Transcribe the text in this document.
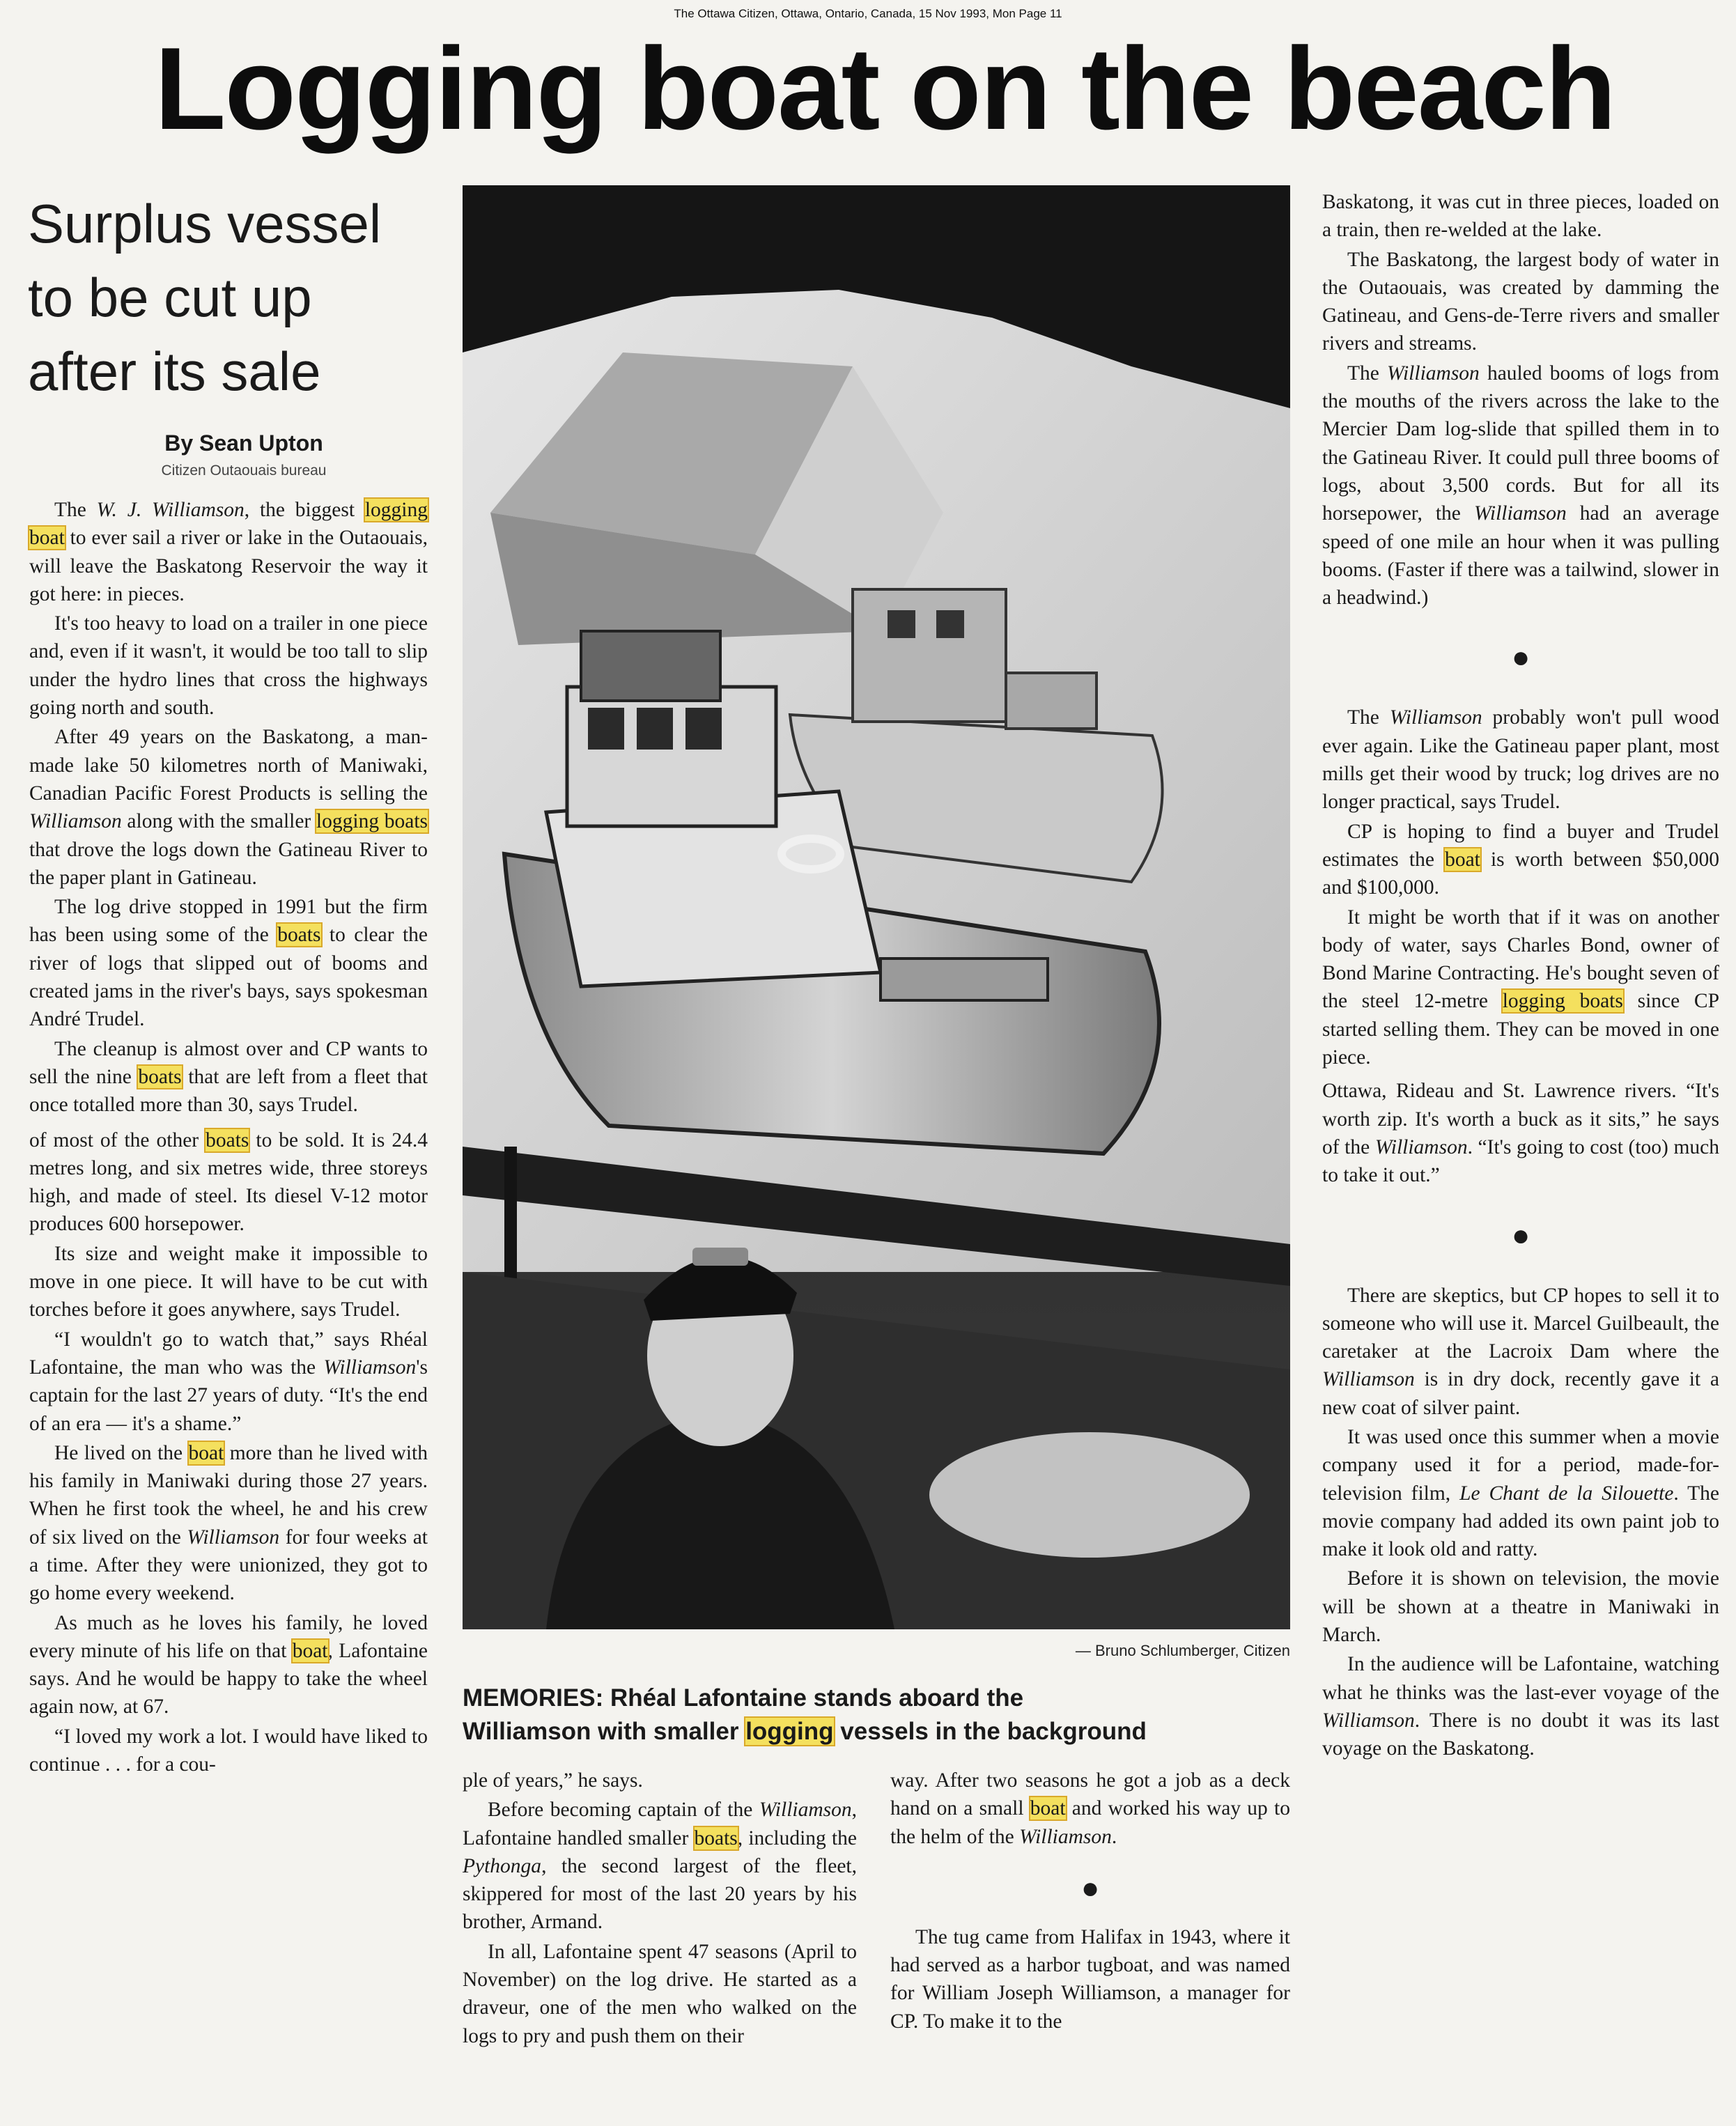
The Ottawa Citizen, Ottawa, Ontario, Canada, 15 Nov 1993, Mon Page 11
Logging boat on the beach
Surplus vessel
to be cut up
after its sale
By Sean Upton
Citizen Outaouais bureau

The W. J. Williamson, the biggest logging boat to ever sail a river or lake in the Outaouais, will leave the Baskatong Reservoir the way it got here: in pieces.

It's too heavy to load on a trailer in one piece and, even if it wasn't, it would be too tall to slip under the hydro lines that cross the highways going north and south.

After 49 years on the Baskatong, a man-made lake 50 kilometres north of Maniwaki, Canadian Pacific Forest Products is selling the Williamson along with the smaller logging boats that drove the logs down the Gatineau River to the paper plant in Gatineau.

The log drive stopped in 1991 but the firm has been using some of the boats to clear the river of logs that slipped out of booms and created jams in the river's bays, says spokesman André Trudel.

The cleanup is almost over and CP wants to sell the nine boats that are left from a fleet that once totalled more than 30, says Trudel.

of most of the other boats to be sold. It is 24.4 metres long, and six metres wide, three storeys high, and made of steel. Its diesel V-12 motor produces 600 horsepower.

Its size and weight make it impossible to move in one piece. It will have to be cut with torches before it goes anywhere, says Trudel.

“I wouldn't go to watch that,” says Rhéal Lafontaine, the man who was the Williamson's captain for the last 27 years of duty. “It's the end of an era — it's a shame.”

He lived on the boat more than he lived with his family in Maniwaki during those 27 years. When he first took the wheel, he and his crew of six lived on the Williamson for four weeks at a time. After they were unionized, they got to go home every weekend.

As much as he loves his family, he loved every minute of his life on that boat, Lafontaine says. And he would be happy to take the wheel again now, at 67.

“I loved my work a lot. I would have liked to continue . . . for a cou-

— Bruno Schlumberger, Citizen
MEMORIES: Rhéal Lafontaine stands aboard the
Williamson with smaller logging vessels in the background

ple of years,” he says.

Before becoming captain of the Williamson, Lafontaine handled smaller boats, including the Pythonga, the second largest of the fleet, skippered for most of the last 20 years by his brother, Armand.

In all, Lafontaine spent 47 seasons (April to November) on the log drive. He started as a draveur, one of the men who walked on the logs to pry and push them on their

way. After two seasons he got a job as a deck hand on a small boat and worked his way up to the helm of the Williamson.

●

The tug came from Halifax in 1943, where it had served as a harbor tugboat, and was named for William Joseph Williamson, a manager for CP. To make it to the

Baskatong, it was cut in three pieces, loaded on a train, then re-welded at the lake.

The Baskatong, the largest body of water in the Outaouais, was created by damming the Gatineau, and Gens-de-Terre rivers and smaller rivers and streams.

The Williamson hauled booms of logs from the mouths of the rivers across the lake to the Mercier Dam log-slide that spilled them in to the Gatineau River. It could pull three booms of logs, about 3,500 cords. But for all its horsepower, the Williamson had an average speed of one mile an hour when it was pulling booms. (Faster if there was a tailwind, slower in a headwind.)

●

The Williamson probably won't pull wood ever again. Like the Gatineau paper plant, most mills get their wood by truck; log drives are no longer practical, says Trudel.

CP is hoping to find a buyer and Trudel estimates the boat is worth between $50,000 and $100,000.

It might be worth that if it was on another body of water, says Charles Bond, owner of Bond Marine Contracting. He's bought seven of the steel 12-metre logging boats since CP started selling them. They can be moved in one piece.

Ottawa, Rideau and St. Lawrence rivers. “It's worth zip. It's worth a buck as it sits,” he says of the Williamson. “It's going to cost (too) much to take it out.”

●

There are skeptics, but CP hopes to sell it to someone who will use it. Marcel Guilbeault, the caretaker at the Lacroix Dam where the Williamson is in dry dock, recently gave it a new coat of silver paint.

It was used once this summer when a movie company used it for a period, made-for-television film, Le Chant de la Silouette. The movie company had added its own paint job to make it look old and ratty.

Before it is shown on television, the movie will be shown at a theatre in Maniwaki in March.

In the audience will be Lafontaine, watching what he thinks was the last-ever voyage of the Williamson. There is no doubt it was its last voyage on the Baskatong.
